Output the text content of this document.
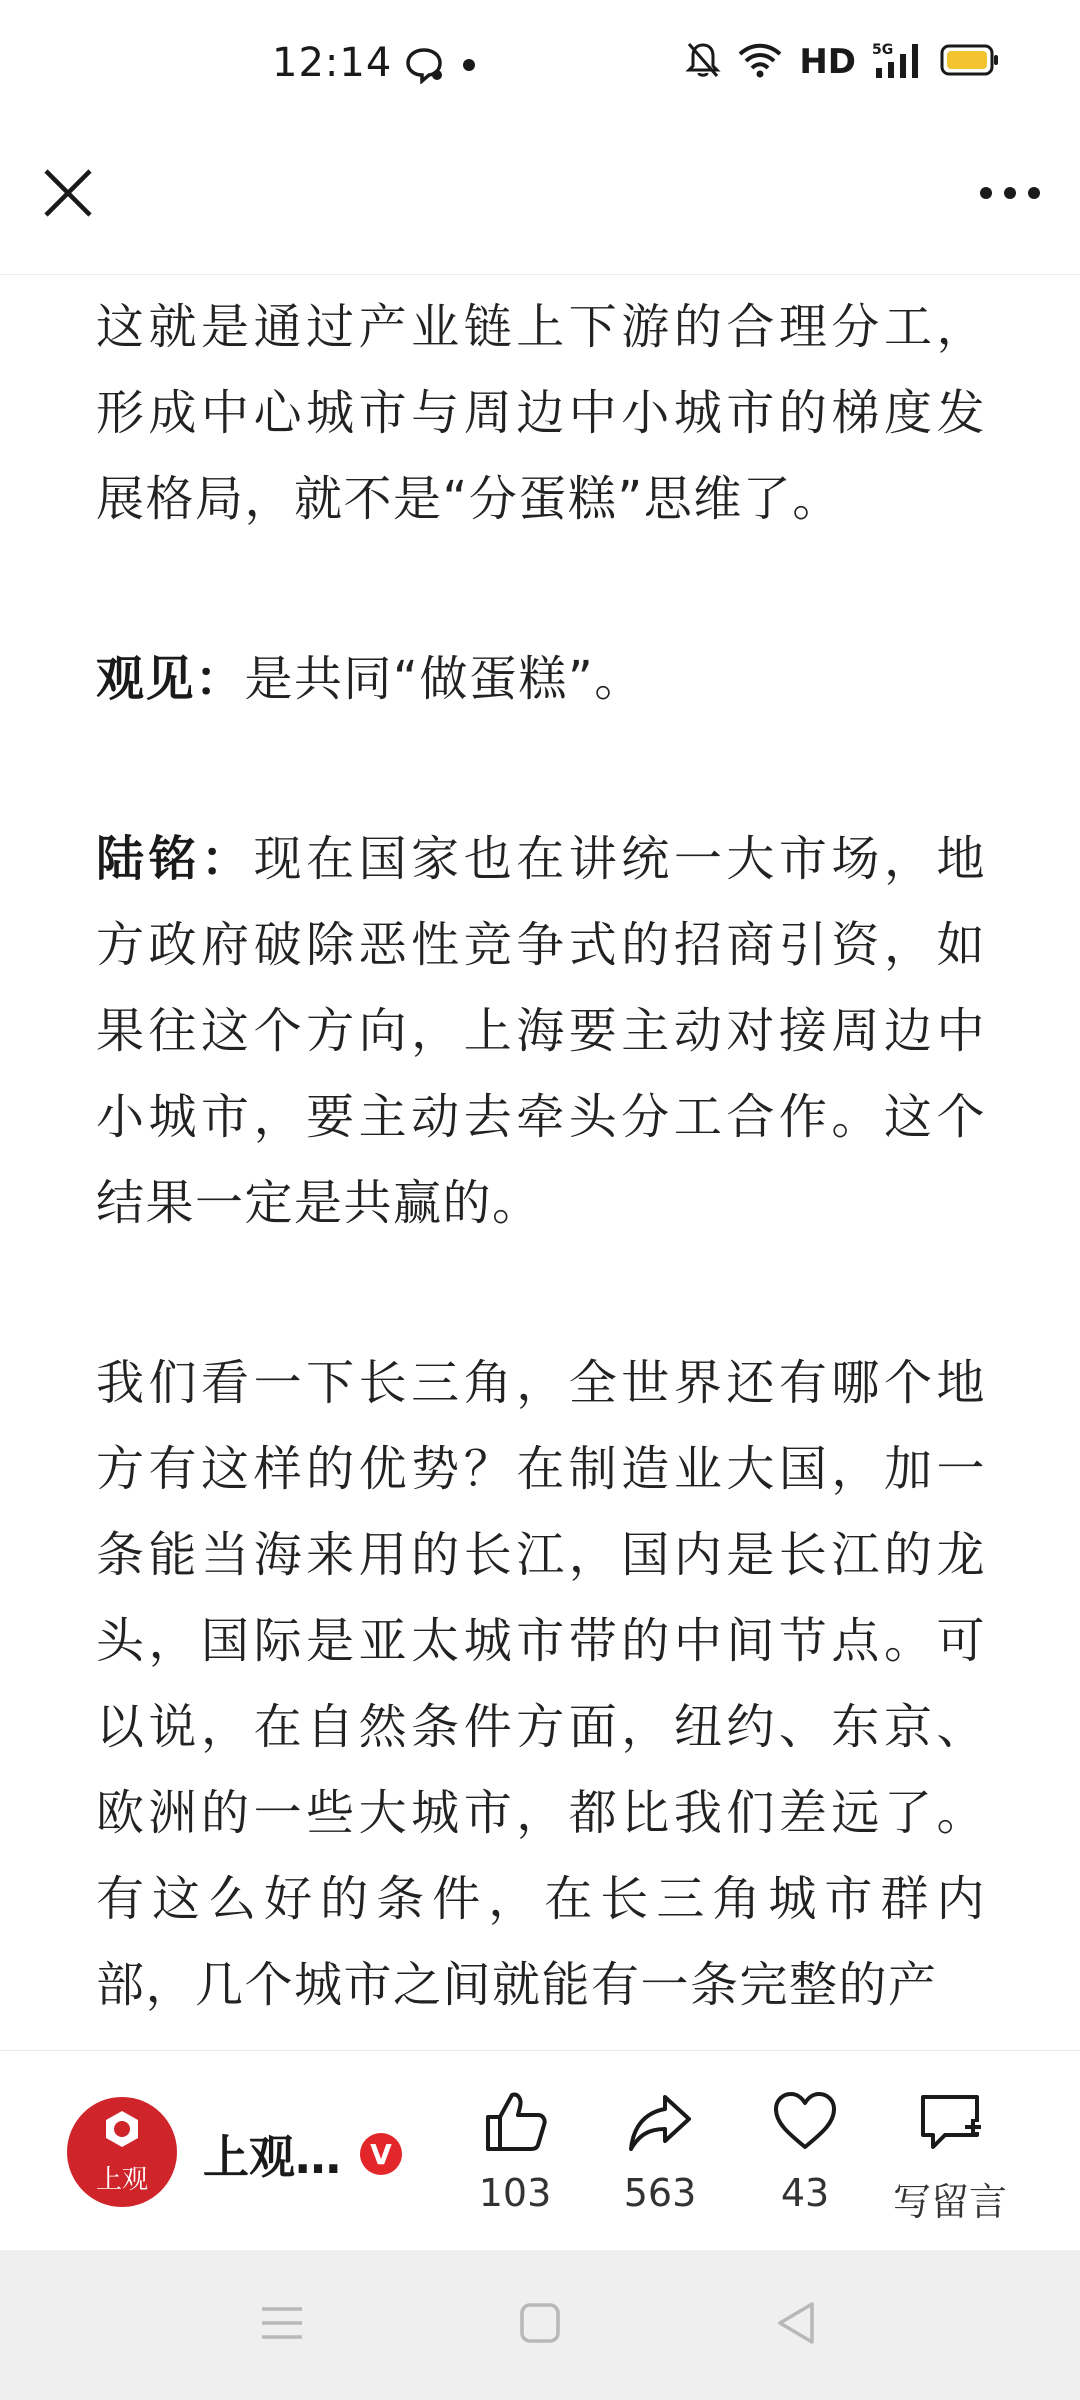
12:14	HD 5G

这就是通过产业链上下游的合理分工，形成中心城市与周边中小城市的梯度发展格局，就不是“分蛋糕”思维了。

观见：是共同“做蛋糕”。

陆铭：现在国家也在讲统一大市场，地方政府破除恶性竞争式的招商引资，如果往这个方向，上海要主动对接周边中小城市，要主动去牵头分工合作。这个结果一定是共赢的。

我们看一下长三角，全世界还有哪个地方有这样的优势？在制造业大国，加一条能当海来用的长江，国内是长江的龙头，国际是亚太城市带的中间节点。可以说，在自然条件方面，纽约、东京、欧洲的一些大城市，都比我们差远了。有这么好的条件，在长三角城市群内部，几个城市之间就能有一条完整的产

上观 上观…	V
103 563 43 写留言
